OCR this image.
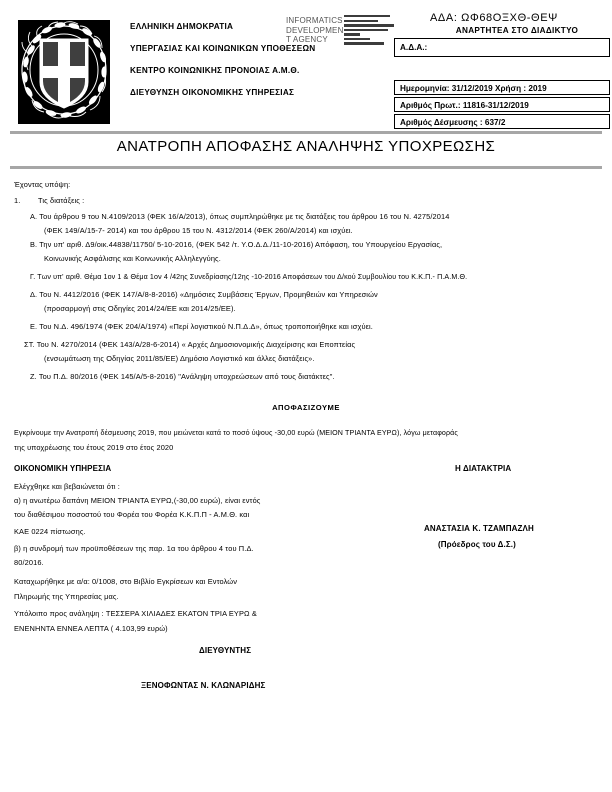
ΕΛΛΗΝΙΚΗ ΔΗΜΟΚΡΑΤΙΑ
ΥΠΕΡΓΑΣΙΑΣ ΚΑΙ ΚΟΙΝΩΝΙΚΩΝ ΥΠΟΘΕΣΕΩΝ
ΚΕΝΤΡΟ ΚΟΙΝΩΝΙΚΗΣ ΠΡΟΝΟΙΑΣ Α.Μ.Θ.
ΔΙΕΥΘΥΝΣΗ ΟΙΚΟΝΟΜΙΚΗΣ ΥΠΗΡΕΣΙΑΣ
INFORMATICS
DEVELOPMEN
T AGENCY
ΑΔΑ: ΩΦ68ΟΞΧΘ-ΘΕΨ
ΑΝΑΡΤΗΤΕΑ ΣΤΟ ΔΙΑΔΙΚΤΥΟ
Α.Δ.Α.:
Ημερομηνία: 31/12/2019 Χρήση : 2019
Αριθμός Πρωτ.: 11816-31/12/2019
Αριθμός Δέσμευσης : 637/2
ΑΝΑΤΡΟΠΗ ΑΠΟΦΑΣΗΣ ΑΝΑΛΗΨΗΣ ΥΠΟΧΡΕΩΣΗΣ
Έχοντας υπόψη:
1. Τις διατάξεις :
Α. Του άρθρου 9 του Ν.4109/2013 (ΦΕΚ 16/Α/2013), όπως συμπληρώθηκε με τις διατάξεις του άρθρου 16 του Ν. 4275/2014
(ΦΕΚ 149/Α/15-7- 2014) και του άρθρου 15 του Ν. 4312/2014 (ΦΕΚ 260/Α/2014) και ισχύει.
Β. Την υπ' αριθ. Δ9/οικ.44838/11750/ 5-10-2016, (ΦΕΚ 542 /τ. Υ.Ο.Δ.Δ./11-10-2016) Απόφαση, του Υπουργείου Εργασίας,
Κοινωνικής Ασφάλισης και Κοινωνικής Αλληλεγγύης.
Γ. Των υπ' αριθ. Θέμα 1ον 1 & Θέμα 1ον 4 /42ης Συνεδρίασης/12ης -10-2016 Αποφάσεων του Δ/κού Συμβουλίου του Κ.Κ.Π.- Π.Α.Μ.Θ.
Δ. Του Ν. 4412/2016 (ΦΕΚ 147/Α/8-8-2016) «Δημόσιες Συμβάσεις Έργων, Προμηθειών και Υπηρεσιών
(προσαρμογή στις Οδηγίες 2014/24/ΕΕ και 2014/25/ΕΕ).
Ε. Του Ν.Δ. 496/1974 (ΦΕΚ 204/Α/1974) «Περί λογιστικού Ν.Π.Δ.Δ», όπως τροποποιήθηκε και ισχύει.
ΣΤ. Του Ν. 4270/2014 (ΦΕΚ 143/Α/28-6-2014) « Αρχές Δημοσιονομικής Διαχείρισης και Εποπτείας
(ενσωμάτωση της Οδηγίας 2011/85/ΕΕ) Δημόσιο Λογιστικό και άλλες διατάξεις».
Ζ. Του Π.Δ. 80/2016 (ΦΕΚ 145/Α/5-8-2016) "Ανάληψη υποχρεώσεων από τους διατάκτες".
ΑΠΟΦΑΣΙΖΟΥΜΕ
Εγκρίνουμε την Ανατροπή δέσμευσης 2019, που μειώνεται κατά το ποσό ύψους -30,00 ευρώ (ΜΕΙΟΝ ΤΡΙΑΝΤΑ ΕΥΡΩ), λόγω μεταφοράς
της υποχρέωσης του έτους 2019 στο έτος 2020
ΟΙΚΟΝΟΜΙΚΗ ΥΠΗΡΕΣΙΑ	Η ΔΙΑΤΑΚΤΡΙΑ
Ελέγχθηκε και βεβαιώνεται ότι :
α) η ανωτέρω δαπάνη ΜΕΙΟΝ ΤΡΙΑΝΤΑ ΕΥΡΩ,(-30,00 ευρώ), είναι εντός
του διαθέσιμου ποσοστού του Φορέα του Φορέα Κ.Κ.Π.Π - Α.Μ.Θ. και
ΚΑΕ 0224 πίστωσης.
β) η συνδρομή των προϋποθέσεων της παρ. 1α του άρθρου 4 του Π.Δ.
80/2016.
ΑΝΑΣΤΑΣΙΑ Κ. ΤΖΑΜΠΑΖΛΗ
(Πρόεδρος του Δ.Σ.)
Καταχωρήθηκε με α/α: 0/1008, στο Βιβλίο Εγκρίσεων και Εντολών
Πληρωμής της Υπηρεσίας μας.
Υπόλοιπο προς ανάληψη : ΤΕΣΣΕΡΑ ΧΙΛΙΑΔΕΣ ΕΚΑΤΟΝ ΤΡΙΑ ΕΥΡΩ &
ΕΝΕΝΗΝΤΑ ΕΝΝΕΑ ΛΕΠΤΑ ( 4.103,99 ευρώ)
ΔΙΕΥΘΥΝΤΗΣ
ΞΕΝΟΦΩΝΤΑΣ Ν. ΚΛΩΝΑΡΙΔΗΣ
